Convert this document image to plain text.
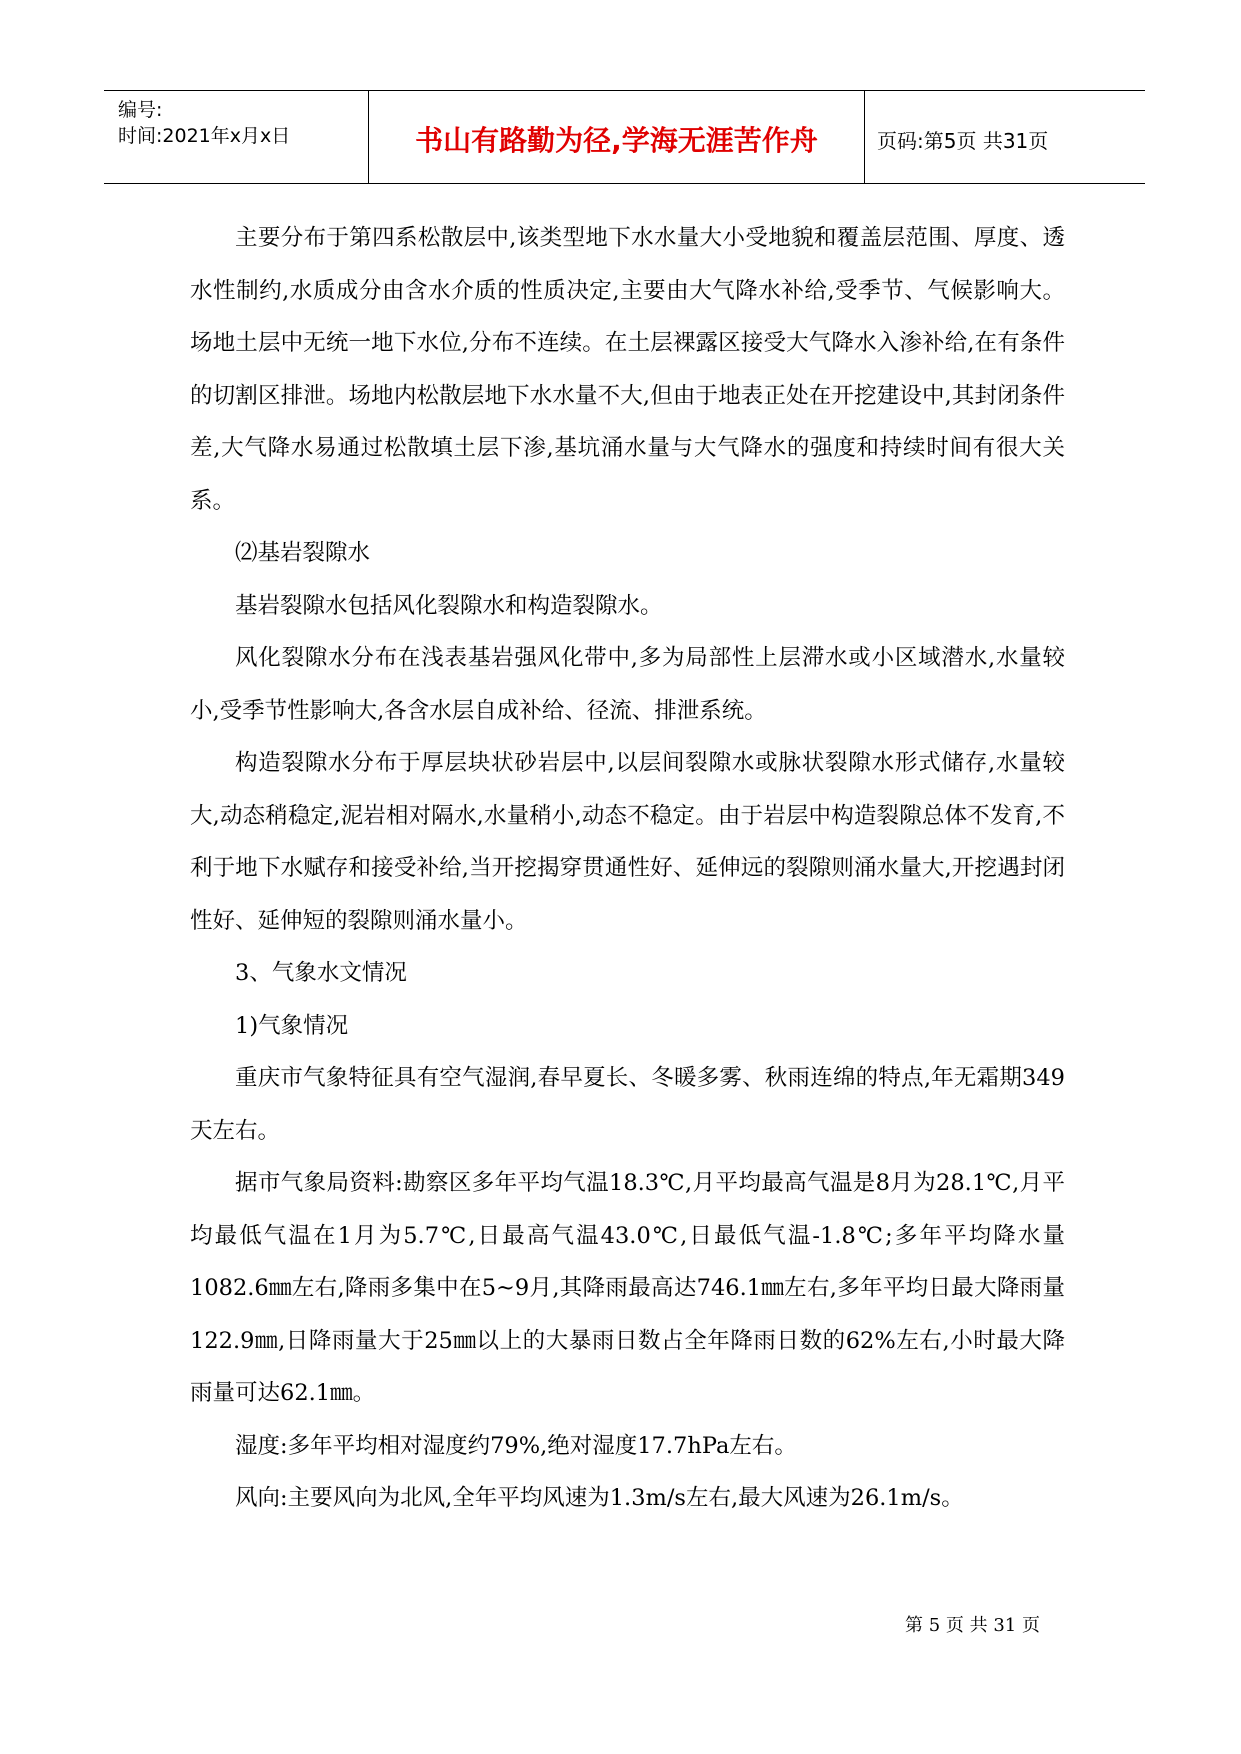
编号:
时间:2021年x月x日	书山有路勤为径,学海无涯苦作舟	页码:第5页 共31页

主要分布于第四系松散层中,该类型地下水水量大小受地貌和覆盖层范围、厚度、透水性制约,水质成分由含水介质的性质决定,主要由大气降水补给,受季节、气候影响大。场地土层中无统一地下水位,分布不连续。在土层裸露区接受大气降水入渗补给,在有条件的切割区排泄。场地内松散层地下水水量不大,但由于地表正处在开挖建设中,其封闭条件差,大气降水易通过松散填土层下渗,基坑涌水量与大气降水的强度和持续时间有很大关系。

⑵基岩裂隙水

基岩裂隙水包括风化裂隙水和构造裂隙水。

风化裂隙水分布在浅表基岩强风化带中,多为局部性上层滞水或小区域潜水,水量较小,受季节性影响大,各含水层自成补给、径流、排泄系统。

构造裂隙水分布于厚层块状砂岩层中,以层间裂隙水或脉状裂隙水形式储存,水量较大,动态稍稳定,泥岩相对隔水,水量稍小,动态不稳定。由于岩层中构造裂隙总体不发育,不利于地下水赋存和接受补给,当开挖揭穿贯通性好、延伸远的裂隙则涌水量大,开挖遇封闭性好、延伸短的裂隙则涌水量小。

3、气象水文情况

1)气象情况

重庆市气象特征具有空气湿润,春早夏长、冬暖多雾、秋雨连绵的特点,年无霜期349天左右。

据市气象局资料:勘察区多年平均气温18.3℃,月平均最高气温是8月为28.1℃,月平均最低气温在1月为5.7℃,日最高气温43.0℃,日最低气温-1.8℃;多年平均降水量1082.6㎜左右,降雨多集中在5~9月,其降雨最高达746.1㎜左右,多年平均日最大降雨量122.9㎜,日降雨量大于25㎜以上的大暴雨日数占全年降雨日数的62%左右,小时最大降雨量可达62.1㎜。

湿度:多年平均相对湿度约79%,绝对湿度17.7hPa左右。

风向:主要风向为北风,全年平均风速为1.3m/s左右,最大风速为26.1m/s。

第 5 页 共 31 页
